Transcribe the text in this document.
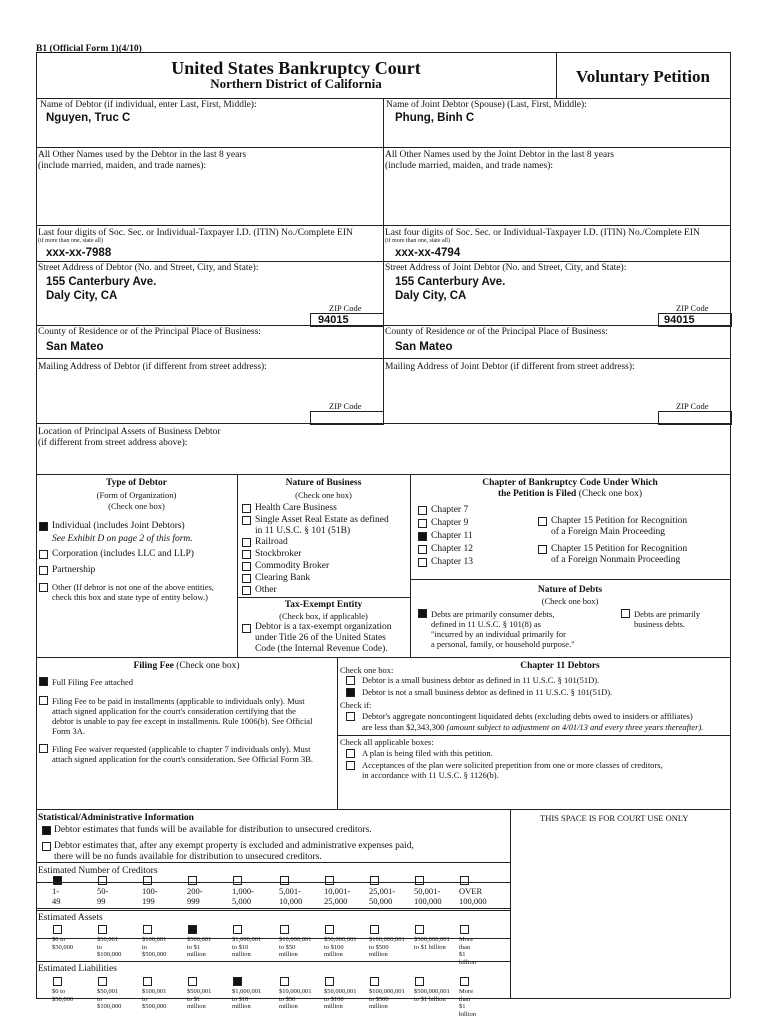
B1 (Official Form 1)(4/10)
United States Bankruptcy Court
Northern District of California	Voluntary Petition
Name of Debtor (if individual, enter Last, First, Middle):
Nguyen, Truc C
Name of Joint Debtor (Spouse) (Last, First, Middle):
Phung, Binh C
All Other Names used by the Debtor in the last 8 years
(include married, maiden, and trade names):
All Other Names used by the Joint Debtor in the last 8 years
(include married, maiden, and trade names):
Last four digits of Soc. Sec. or Individual-Taxpayer I.D. (ITIN) No./Complete EIN
(if more than one, state all)
xxx-xx-7988
Last four digits of Soc. Sec. or Individual-Taxpayer I.D. (ITIN) No./Complete EIN
(if more than one, state all)
xxx-xx-4794
Street Address of Debtor (No. and Street, City, and State):
155 Canterbury Ave.
Daly City, CA
ZIP Code
94015
Street Address of Joint Debtor (No. and Street, City, and State):
155 Canterbury Ave.
Daly City, CA
ZIP Code
94015
County of Residence or of the Principal Place of Business:
San Mateo
County of Residence or of the Principal Place of Business:
San Mateo
Mailing Address of Debtor (if different from street address):
ZIP Code
Mailing Address of Joint Debtor (if different from street address):
ZIP Code
Location of Principal Assets of Business Debtor
(if different from street address above):
Type of Debtor
(Form of Organization)
(Check one box)
Individual (includes Joint Debtors)
See Exhibit D on page 2 of this form.
Corporation (includes LLC and LLP)
Partnership
Other (If debtor is not one of the above entities,
check this box and state type of entity below.)
Nature of Business
(Check one box)
Health Care Business
Single Asset Real Estate as defined
in 11 U.S.C. § 101 (51B)
Railroad
Stockbroker
Commodity Broker
Clearing Bank
Other
Tax-Exempt Entity
(Check box, if applicable)
Debtor is a tax-exempt organization
under Title 26 of the United States
Code (the Internal Revenue Code).
Chapter of Bankruptcy Code Under Which
the Petition is Filed (Check one box)
Chapter 7
Chapter 9
Chapter 11
Chapter 12
Chapter 13
Chapter 15 Petition for Recognition
of a Foreign Main Proceeding
Chapter 15 Petition for Recognition
of a Foreign Nonmain Proceeding
Nature of Debts
(Check one box)
Debts are primarily consumer debts,
defined in 11 U.S.C. § 101(8) as
"incurred by an individual primarily for
a personal, family, or household purpose."
Debts are primarily
business debts.
Filing Fee (Check one box)
Full Filing Fee attached
Filing Fee to be paid in installments (applicable to individuals only). Must
attach signed application for the court's consideration certifying that the
debtor is unable to pay fee except in installments. Rule 1006(b). See Official
Form 3A.
Filing Fee waiver requested (applicable to chapter 7 individuals only). Must
attach signed application for the court's consideration. See Official Form 3B.
Chapter 11 Debtors
Check one box:
Debtor is a small business debtor as defined in 11 U.S.C. § 101(51D).
Debtor is not a small business debtor as defined in 11 U.S.C. § 101(51D).
Check if:
Debtor's aggregate noncontingent liquidated debts (excluding debts owed to insiders or affiliates)
are less than $2,343,300 (amount subject to adjustment on 4/01/13 and every three years thereafter).
Check all applicable boxes:
A plan is being filed with this petition.
Acceptances of the plan were solicited prepetition from one or more classes of creditors,
in accordance with 11 U.S.C. § 1126(b).
Statistical/Administrative Information	THIS SPACE IS FOR COURT USE ONLY
Debtor estimates that funds will be available for distribution to unsecured creditors.
Debtor estimates that, after any exempt property is excluded and administrative expenses paid,
there will be no funds available for distribution to unsecured creditors.
Estimated Number of Creditors
1-
49
50-
99
100-
199
200-
999
1,000-
5,000
5,001-
10,000
10,001-
25,000
25,001-
50,000
50,001-
100,000
OVER
100,000
Estimated Assets
$0 to
$50,000
$50,001 to
$100,000
$100,001 to
$500,000
$500,001
to $1
million
$1,000,001
to $10
million
$10,000,001
to $50
million
$50,000,001
to $100
million
$100,000,001
to $500
million
$500,000,001
to $1 billion
More than
$1 billion
Estimated Liabilities
$0 to
$50,000
$50,001 to
$100,000
$100,001 to
$500,000
$500,001
to $1
million
$1,000,001
to $10
million
$10,000,001
to $50
million
$50,000,001
to $100
million
$100,000,001
to $500
million
$500,000,001
to $1 billion
More than
$1 billion
